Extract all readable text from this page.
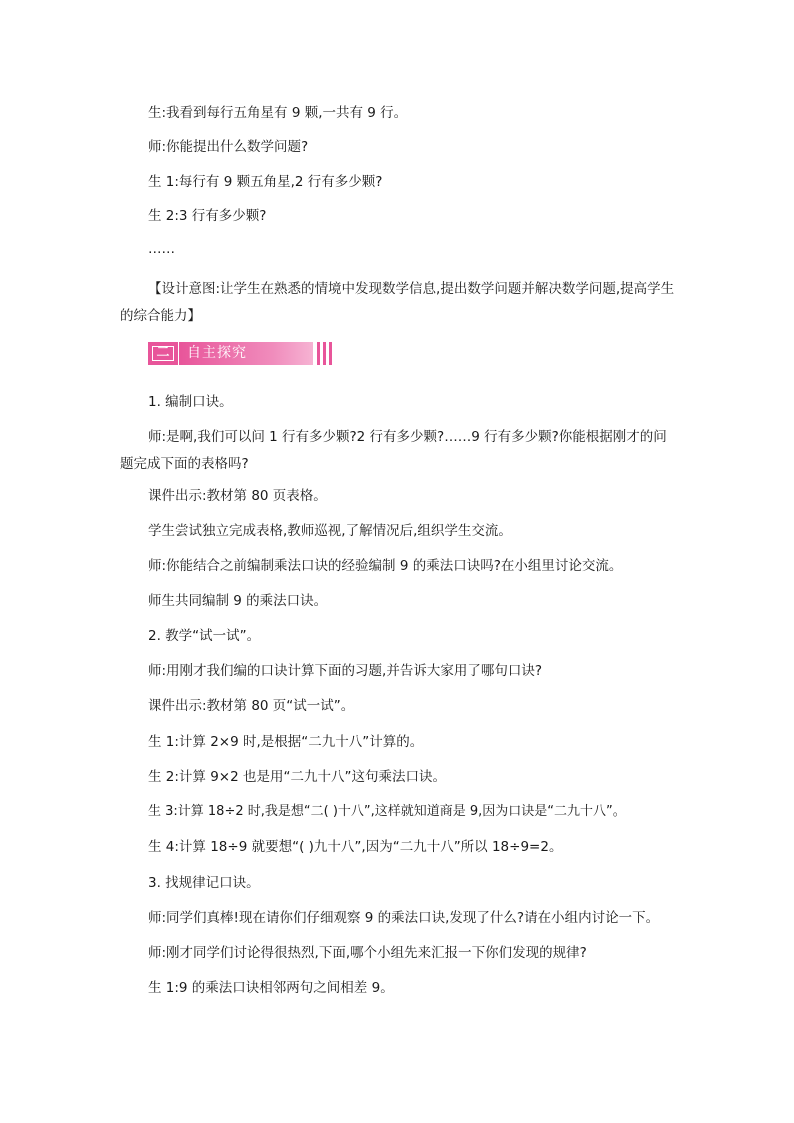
生:我看到每行五角星有 9 颗,一共有 9 行。
师:你能提出什么数学问题?
生 1:每行有 9 颗五角星,2 行有多少颗?
生 2:3 行有多少颗?
……
【设计意图:让学生在熟悉的情境中发现数学信息,提出数学问题并解决数学问题,提高学生的综合能力】
二	自主探究
1. 编制口诀。
师:是啊,我们可以问 1 行有多少颗?2 行有多少颗?……9 行有多少颗?你能根据刚才的问题完成下面的表格吗?
课件出示:教材第 80 页表格。
学生尝试独立完成表格,教师巡视,了解情况后,组织学生交流。
师:你能结合之前编制乘法口诀的经验编制 9 的乘法口诀吗?在小组里讨论交流。
师生共同编制 9 的乘法口诀。
2. 教学“试一试”。
师:用刚才我们编的口诀计算下面的习题,并告诉大家用了哪句口诀?
课件出示:教材第 80 页“试一试”。
生 1:计算 2×9 时,是根据“二九十八”计算的。
生 2:计算 9×2 也是用“二九十八”这句乘法口诀。
生 3:计算 18÷2 时,我是想“二( )十八”,这样就知道商是 9,因为口诀是“二九十八”。
生 4:计算 18÷9 就要想“( )九十八”,因为“二九十八”所以 18÷9=2。
3. 找规律记口诀。
师:同学们真棒!现在请你们仔细观察 9 的乘法口诀,发现了什么?请在小组内讨论一下。
师:刚才同学们讨论得很热烈,下面,哪个小组先来汇报一下你们发现的规律?
生 1:9 的乘法口诀相邻两句之间相差 9。
